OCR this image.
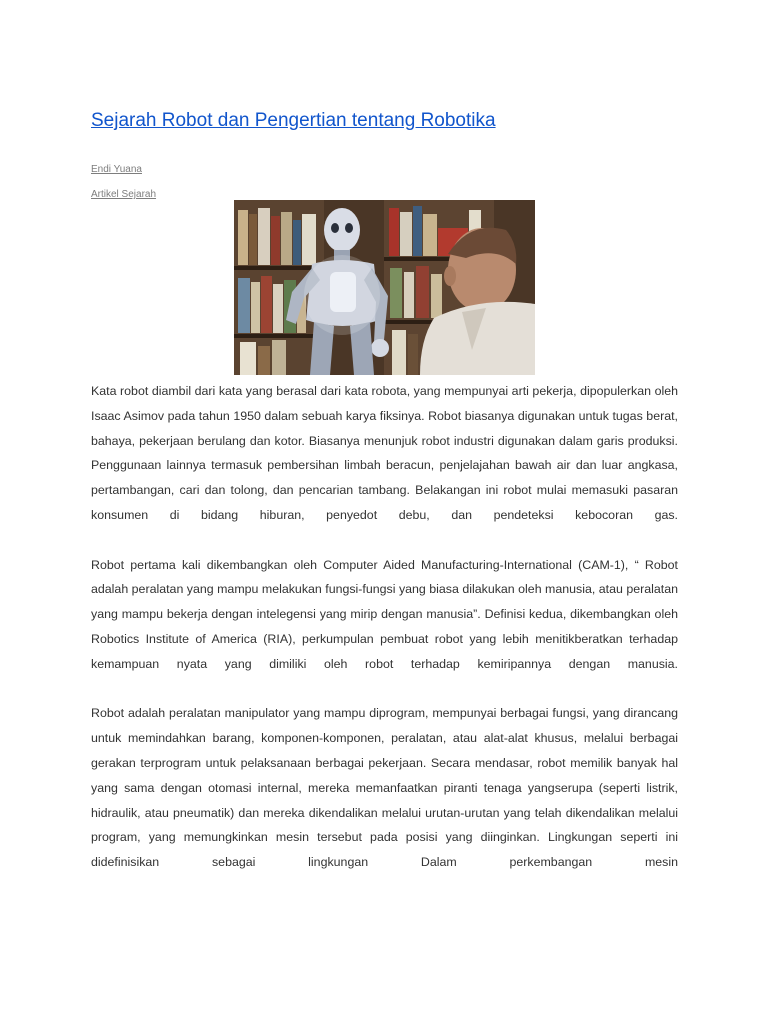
Sejarah Robot dan Pengertian tentang Robotika
Endi Yuana
Artikel Sejarah

Kata robot diambil dari kata yang berasal dari kata robota, yang mempunyai arti pekerja, dipopulerkan oleh Isaac Asimov pada tahun 1950 dalam sebuah karya fiksinya. Robot biasanya digunakan untuk tugas berat, bahaya, pekerjaan berulang dan kotor. Biasanya menunjuk robot industri digunakan dalam garis produksi. Penggunaan lainnya termasuk pembersihan limbah beracun, penjelajahan bawah air dan luar angkasa, pertambangan, cari dan tolong, dan pencarian tambang. Belakangan ini robot mulai memasuki pasaran konsumen di bidang hiburan, penyedot debu, dan pendeteksi kebocoran gas.

Robot pertama kali dikembangkan oleh Computer Aided Manufacturing-International (CAM-1), “ Robot adalah peralatan yang mampu melakukan fungsi-fungsi yang biasa dilakukan oleh manusia, atau peralatan yang mampu bekerja dengan intelegensi yang mirip dengan manusia”. Definisi kedua, dikembangkan oleh Robotics Institute of America (RIA), perkumpulan pembuat robot yang lebih menitikberatkan terhadap kemampuan nyata yang dimiliki oleh robot terhadap kemiripannya dengan manusia.

Robot adalah peralatan manipulator yang mampu diprogram, mempunyai berbagai fungsi, yang dirancang untuk memindahkan barang, komponen-komponen, peralatan, atau alat-alat khusus, melalui berbagai gerakan terprogram untuk pelaksanaan berbagai pekerjaan. Secara mendasar, robot memilik banyak hal yang sama dengan otomasi internal, mereka memanfaatkan piranti tenaga yangserupa (seperti listrik, hidraulik, atau pneumatik) dan mereka dikendalikan melalui urutan-urutan yang telah dikendalikan melalui program, yang memungkinkan mesin tersebut pada posisi yang diinginkan. Lingkungan seperti ini didefinisikan sebagai lingkungan Dalam perkembangan mesin
